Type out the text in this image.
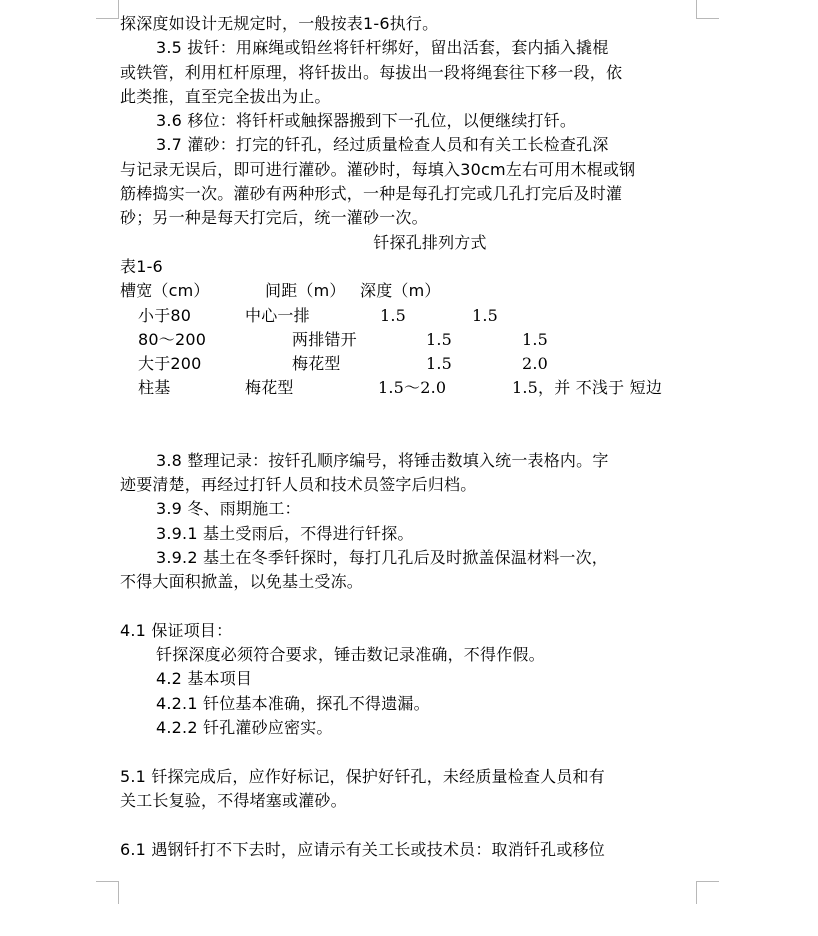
探深度如设计无规定时，一般按表1-6执行。

3.5 拔钎：用麻绳或铅丝将钎杆绑好，留出活套，套内插入撬棍

或铁管，利用杠杆原理，将钎拔出。每拔出一段将绳套往下移一段，依

此类推，直至完全拔出为止。

3.6 移位：将钎杆或触探器搬到下一孔位，以便继续打钎。

3.7 灌砂：打完的钎孔，经过质量检查人员和有关工长检查孔深

与记录无误后，即可进行灌砂。灌砂时，每填入30cm左右可用木棍或钢

筋棒捣实一次。灌砂有两种形式，一种是每孔打完或几孔打完后及时灌

砂；另一种是每天打完后，统一灌砂一次。

钎探孔排列方式

表1-6

槽宽（cm）	间距（m） 深度（m）
小于80	中心一排	1.5	1.5
80～200	两排错开	1.5	1.5
大于200	梅花型	1.5	2.0
柱基	梅花型	1.5～2.0	1.5，并 不浅于 短边

3.8 整理记录：按钎孔顺序编号，将锤击数填入统一表格内。字

迹要清楚，再经过打钎人员和技术员签字后归档。

3.9 冬、雨期施工：

3.9.1 基土受雨后，不得进行钎探。

3.9.2 基土在冬季钎探时，每打几孔后及时掀盖保温材料一次，

不得大面积掀盖，以免基土受冻。

4.1 保证项目：

钎探深度必须符合要求，锤击数记录准确，不得作假。

4.2 基本项目

4.2.1 钎位基本准确，探孔不得遗漏。

4.2.2 钎孔灌砂应密实。

5.1 钎探完成后，应作好标记，保护好钎孔，未经质量检查人员和有

关工长复验，不得堵塞或灌砂。

6.1 遇钢钎打不下去时，应请示有关工长或技术员：取消钎孔或移位
